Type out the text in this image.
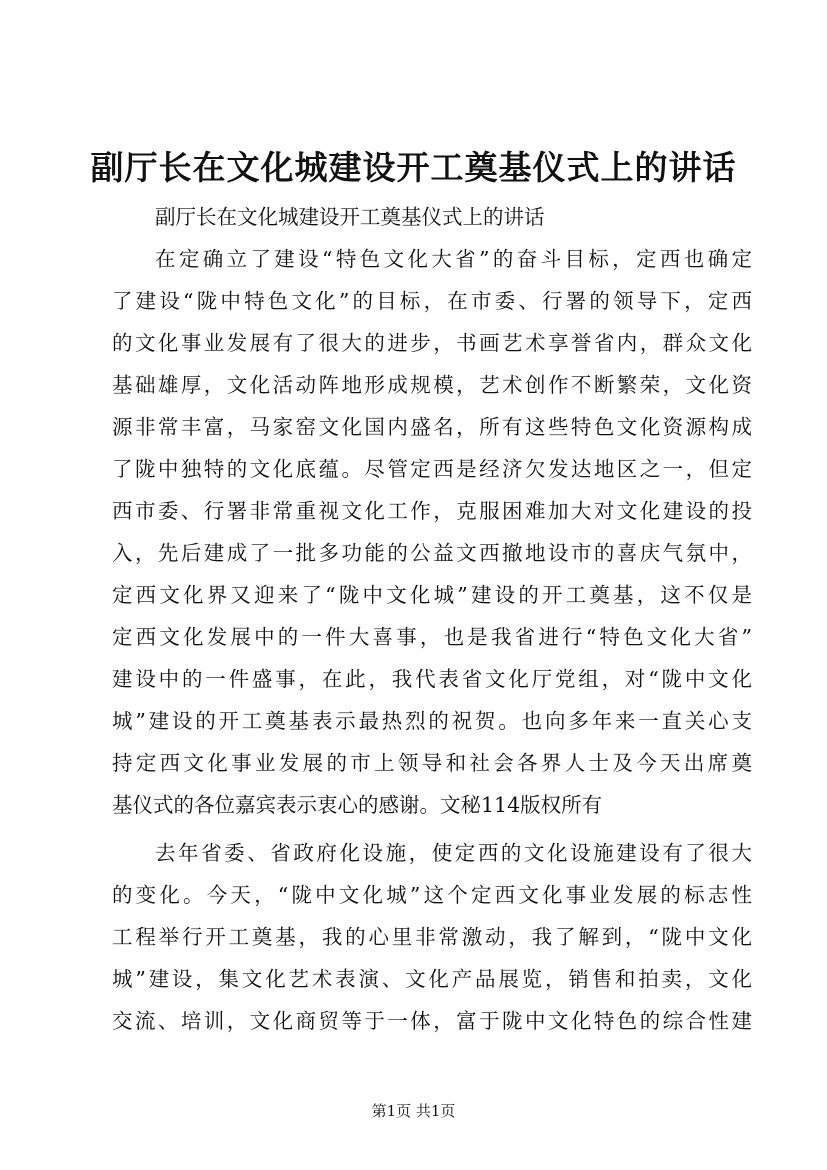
副厅长在文化城建设开工奠基仪式上的讲话
副厅长在文化城建设开工奠基仪式上的讲话
在定确立了建设“特色文化大省”的奋斗目标，定西也确定
了建设“陇中特色文化”的目标，在市委、行署的领导下，定西
的文化事业发展有了很大的进步，书画艺术享誉省内，群众文化
基础雄厚，文化活动阵地形成规模，艺术创作不断繁荣，文化资
源非常丰富，马家窑文化国内盛名，所有这些特色文化资源构成
了陇中独特的文化底蕴。尽管定西是经济欠发达地区之一，但定
西市委、行署非常重视文化工作，克服困难加大对文化建设的投
入，先后建成了一批多功能的公益文西撤地设市的喜庆气氛中，
定西文化界又迎来了“陇中文化城”建设的开工奠基，这不仅是
定西文化发展中的一件大喜事，也是我省进行“特色文化大省”
建设中的一件盛事，在此，我代表省文化厅党组，对“陇中文化
城”建设的开工奠基表示最热烈的祝贺。也向多年来一直关心支
持定西文化事业发展的市上领导和社会各界人士及今天出席奠
基仪式的各位嘉宾表示衷心的感谢。文秘114版权所有
去年省委、省政府化设施，使定西的文化设施建设有了很大
的变化。今天，“陇中文化城”这个定西文化事业发展的标志性
工程举行开工奠基，我的心里非常激动，我了解到，“陇中文化
城”建设，集文化艺术表演、文化产品展览，销售和拍卖，文化
交流、培训，文化商贸等于一体，富于陇中文化特色的综合性建
第1页 共1页
